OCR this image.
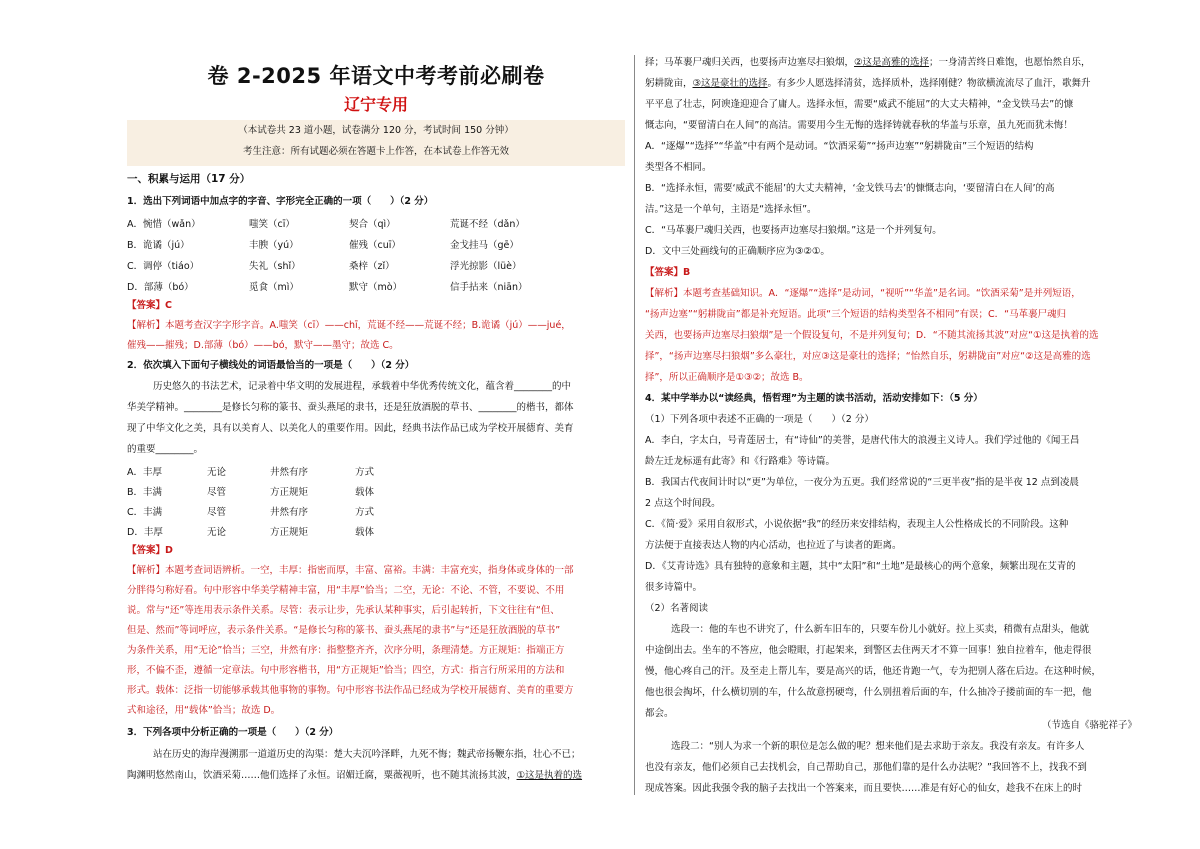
卷 2-2025 年语文中考考前必刷卷
辽宁专用
（本试卷共 23 道小题，试卷满分 120 分，考试时间 150 分钟）
考生注意：所有试题必须在答题卡上作答，在本试卷上作答无效
一、积累与运用（17 分）
1．选出下列词语中加点字的字音、字形完全正确的一项（　　）（2 分）
A．惋惜（wǎn）	嗤笑（cī）	契合（qì）	荒诞不经（dǎn）
B．诡谲（jú）	丰腴（yú）	催残（cuī）	金戈挂马（gē）
C．调停（tiáo）	失礼（shǐ）	桑梓（zǐ）	浮光掠影（lüè）
D．部薄（bó）	觅食（mì）	默守（mò）	信手拈来（niān）
【答案】C
【解析】本题考查汉字字形字音。A.嗤笑（cī）——chī，荒诞不经——荒诞不经；B.诡谲（jú）——jué，
催残——摧残；D.部薄（bó）——bó，默守——墨守；故选 C。
2．依次填入下面句子横线处的词语最恰当的一项是（　　）（2 分）
历史悠久的书法艺术，记录着中华文明的发展进程，承载着中华优秀传统文化，蕴含着________的中
华美学精神。________是修长匀称的篆书、蚕头燕尾的隶书，还是狂放酒脱的草书、________的楷书，都体
现了中华文化之美，具有以美育人、以美化人的重要作用。因此，经典书法作品已成为学校开展德育、美育
的重要________。
A．丰厚	无论	井然有序	方式
B．丰满	尽管	方正规矩	载体
C．丰满	尽管	井然有序	方式
D．丰厚	无论	方正规矩	载体
【答案】D
【解析】本题考查词语辨析。一空，丰厚：指密而厚，丰富、富裕。丰满：丰富充实，指身体或身体的一部
分胖得匀称好看。句中形容中华美学精神丰富，用“丰厚”恰当；二空，无论：不论、不管，不要说、不用
说。常与“还”等连用表示条件关系。尽管：表示让步，先承认某种事实，后引起转折，下文往往有“但、
但是、然而”等词呼应，表示条件关系。“是修长匀称的篆书、蚕头燕尾的隶书”与“还是狂放酒脱的草书”
为条件关系，用“无论”恰当；三空，井然有序：指整整齐齐，次序分明，条理清楚。方正规矩：指端正方
形，不偏不歪，遵循一定章法。句中形容楷书，用“方正规矩”恰当；四空，方式：指言行所采用的方法和
形式。载体：泛指一切能够承载其他事物的事物。句中形容书法作品已经成为学校开展德育、美育的重要方
式和途径，用“载体”恰当；故选 D。
3．下列各项中分析正确的一项是（　　）（2 分）
站在历史的海岸漫溯那一道道历史的沟渠：楚大夫沉吟泽畔，九死不悔；魏武帝扬鞭东指，壮心不已；
陶渊明悠然南山，饮酒采菊……他们选择了永恒。诏媚迁腐，粟薇视听，也不随其流扬其波，①这是执着的选
择；马革裹尸魂归关西，也要扬声边塞尽扫狼烟，②这是高雅的选择；一身清苦终日难饱，也愿怡然自乐，
躬耕陇亩，③这是豪壮的选择。有多少人愿选择清贫，选择质朴，选择刚健？物欲横流流尽了血汗，歌舞升
平平息了壮志，阿谀逢迎迎合了庸人。选择永恒，需要“威武不能屈”的大丈夫精神，“金戈铁马去”的慷
慨志向，“要留清白在人间”的高洁。需要用今生无悔的选择铸就春秋的华盖与乐章，虽九死而犹未悔！
A．“逐爆”“选择”“华盖”中有两个是动词。“饮酒采菊”“扬声边塞”“躬耕陇亩”三个短语的结构
类型各不相同。
B．“选择永恒，需要‘威武不能屈’的大丈夫精神，‘金戈铁马去’的慷慨志向，‘要留清白在人间’的高
洁。”这是一个单句，主语是“选择永恒”。
C．“马革裹尸魂归关西，也要扬声边塞尽扫狼烟。”这是一个并列复句。
D．文中三处画线句的正确顺序应为③②①。
【答案】B
【解析】本题考查基础知识。A．“逐爆”“选择”是动词，“视听”“华盖”是名词。“饮酒采菊”是并列短语，
“扬声边塞”“躬耕陇亩”都是补充短语。此项“三个短语的结构类型各不相同”有误；C．“马革裹尸魂归
关西，也要扬声边塞尽扫狼烟”是一个假设复句，不是并列复句；D．“不随其流扬其波”对应“①这是执着的选
择”，“扬声边塞尽扫狼烟”多么豪壮，对应③这是豪壮的选择；“怡然自乐，躬耕陇亩”对应“②这是高雅的选
择”，所以正确顺序是①③②；故选 B。
4．某中学举办以“读经典，悟哲理”为主题的读书活动，活动安排如下：（5 分）
（1）下列各项中表述不正确的一项是（　　）（2 分）
A．李白，字太白，号青莲居士，有“诗仙”的美誉，是唐代伟大的浪漫主义诗人。我们学过他的《闻王昌
龄左迁龙标遥有此寄》和《行路难》等诗篇。
B．我国古代夜间计时以“更”为单位，一夜分为五更。我们经常说的“三更半夜”指的是半夜 12 点到凌晨
2 点这个时间段。
C．《简·爱》采用自叙形式，小说依据“我”的经历来安排结构，表现主人公性格成长的不同阶段。这种
方法便于直接表达人物的内心活动，也拉近了与读者的距离。
D．《艾青诗选》具有独特的意象和主题，其中“太阳”和“土地”是最核心的两个意象，频繁出现在艾青的
很多诗篇中。
（2）名著阅读
选段一：他的车也不讲究了，什么新车旧车的，只要车份儿小就好。拉上买卖，稍微有点甜头，他就
中途倒出去。坐车的不答应，他会瞪眼，打起架来，到警区去住两天才不算一回事！独自拉着车，他走得很
慢，他心疼自己的汗。及至走上帮儿车，要是高兴的话，他还肯跑一气，专为把别人落在后边。在这种时候，
他也很会掏坏，什么横切别的车，什么故意拐硬弯，什么别扭着后面的车，什么抽冷子搂前面的车一把，他
都会。
（节选自《骆驼祥子》
选段二：“别人为求一个新的职位是怎么做的呢？想来他们是去求助于亲友。我没有亲友。有许多人
也没有亲友，他们必须自己去找机会，自己帮助自己，那他们靠的是什么办法呢？”我回答不上，找我不到
现成答案。因此我强令我的脑子去找出一个答案来，而且要快……准是有好心的仙女，趁我不在床上的时
